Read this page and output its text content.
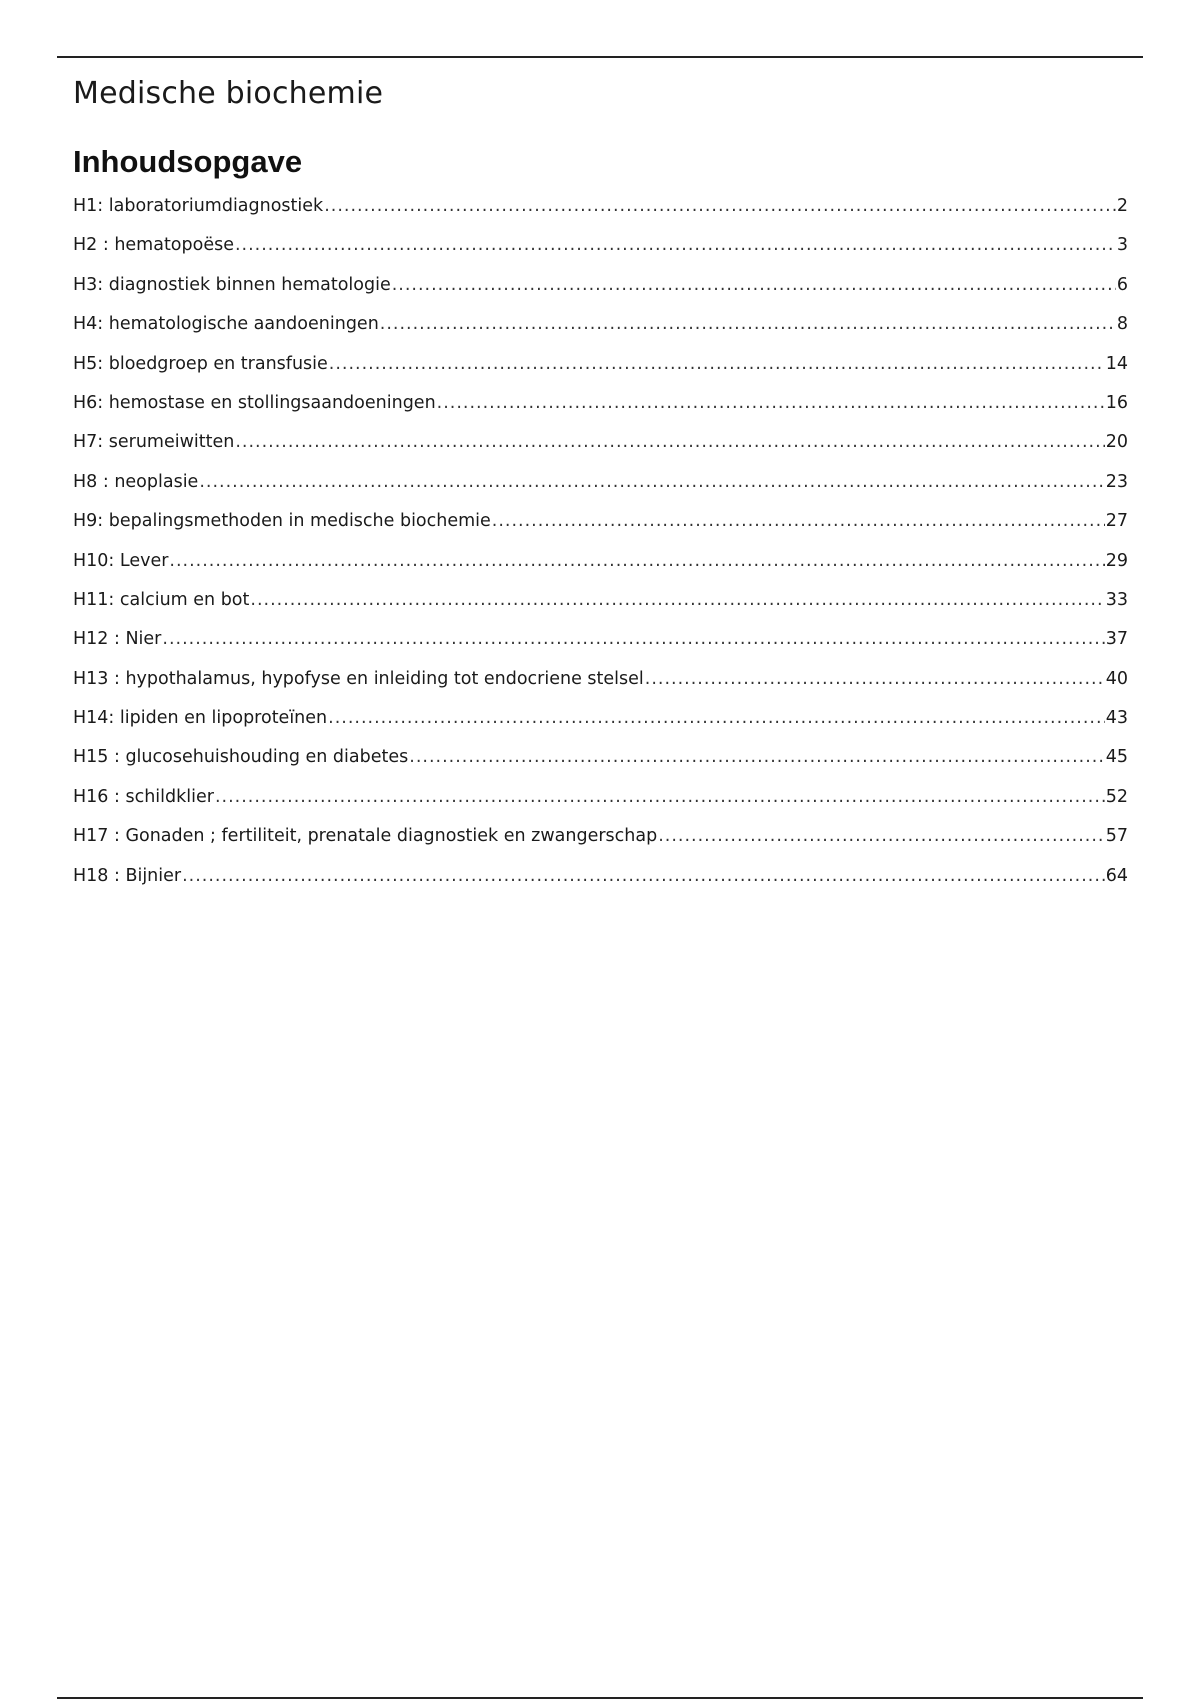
Medische biochemie
Inhoudsopgave
H1: laboratoriumdiagnostiek .....	2
H2 : hematopoëse .....	3
H3: diagnostiek binnen hematologie .....	6
H4: hematologische aandoeningen .....	8
H5: bloedgroep en transfusie .....	14
H6: hemostase en stollingsaandoeningen .....	16
H7: serumeiwitten .....	20
H8 : neoplasie .....	23
H9: bepalingsmethoden in medische biochemie .....	27
H10: Lever .....	29
H11: calcium en bot .....	33
H12 : Nier .....	37
H13 : hypothalamus, hypofyse en inleiding tot endocriene stelsel .....	40
H14: lipiden en lipoproteïnen .....	43
H15 : glucosehuishouding en diabetes .....	45
H16 : schildklier .....	52
H17 : Gonaden ; fertiliteit, prenatale diagnostiek en zwangerschap .....	57
H18 : Bijnier .....	64
